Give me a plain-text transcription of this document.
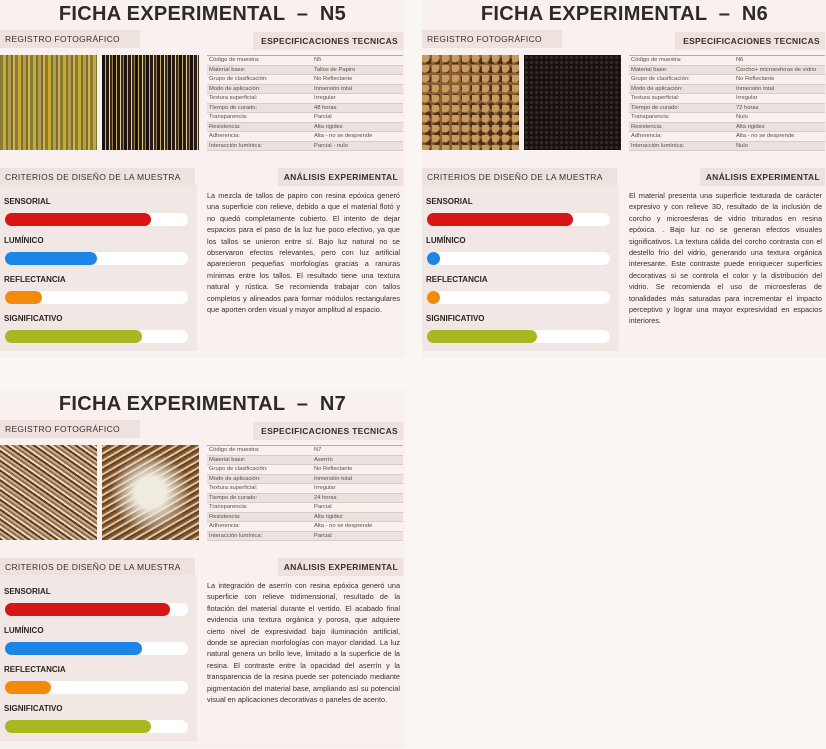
FICHA EXPERIMENTAL  –  N5
REGISTRO FOTOGRÁFICO	ESPECIFICACIONES TECNICAS
Código de muestra:	N5
Material base:	Tallos de Papiro
Grupo de clasificación:	No Reflectante
Modo de aplicación:	Inmersión total
Textura superficial:	Irregular
Tiempo de curado:	48 horas
Transparencia:	Parcial
Resistencia:	Alta rigidez
Adherencia:	Alta - no se desprende
Interacción lumínica:	Parcial - nulo
CRITERIOS DE DISEÑO DE LA MUESTRA	ANÁLISIS EXPERIMENTAL
SENSORIAL
LUMÍNICO
REFLECTANCIA
SIGNIFICATIVO
La mezcla de tallos de papiro con resina epóxica generó una superficie con relieve, debido a que el material flotó y no quedó completamente cubierto. El intento de dejar espacios para el paso de la luz fue poco efectivo, ya que los tallos se unieron entre sí. Bajo luz natural no se observaron efectos relevantes, pero con luz artificial aparecieron pequeñas morfologías gracias a ranuras mínimas entre los tallos. El resultado tiene una textura natural y rústica. Se recomienda trabajar con tallos completos y alineados para formar módulos rectangulares que aporten orden visual y mayor amplitud al espacio.
FICHA EXPERIMENTAL  –  N6
REGISTRO FOTOGRÁFICO	ESPECIFICACIONES TECNICAS
Código de muestra:	N6
Material base:	Corcho+ microesferas de vidrio
Grupo de clasificación:	No Reflectante
Modo de aplicación:	Inmersión total
Textura superficial:	Irregular
Tiempo de curado:	72 horas
Transparencia:	Nulo
Resistencia:	Alta rigidez
Adherencia:	Alta - no se desprende
Interacción lumínica:	Nulo
CRITERIOS DE DISEÑO DE LA MUESTRA	ANÁLISIS EXPERIMENTAL
SENSORIAL
LUMÍNICO
REFLECTANCIA
SIGNIFICATIVO
El material presenta una superficie texturada de carácter expresivo y con relieve 3D, resultado de la inclusión de corcho y microesferas de vidrio triturados en resina epóxica. . Bajo luz no se generan efectos visuales significativos. La textura cálida del corcho contrasta con el destello frío del vidrio, generando una textura orgánica interesante. Este contraste puede enriquecer superficies decorativas si se controla el color y la distribución del vidrio. Se recomienda el uso de microesferas de tonalidades más saturadas para incrementar el impacto perceptivo y lograr una mayor expresividad en espacios interiores.
FICHA EXPERIMENTAL  –  N7
REGISTRO FOTOGRÁFICO	ESPECIFICACIONES TECNICAS
Código de muestra:	N7
Material base:	Aserrín
Grupo de clasificación:	No Reflectante
Modo de aplicación:	Inmersión total
Textura superficial:	Irregular
Tiempo de curado:	24 horas
Transparencia:	Parcial
Resistencia:	Alta rigidez
Adherencia:	Alta - no se desprende
Interacción lumínica:	Parcial
CRITERIOS DE DISEÑO DE LA MUESTRA	ANÁLISIS EXPERIMENTAL
SENSORIAL
LUMÍNICO
REFLECTANCIA
SIGNIFICATIVO
La integración de aserrín con resina epóxica generó una superficie con relieve tridimensional, resultado de la flotación del material durante el vertido. El acabado final evidencia una textura orgánica y porosa, que adquiere cierto nivel de expresividad bajo iluminación artificial, donde se aprecian morfologías con mayor claridad. La luz natural genera un brillo leve, limitado a la superficie de la resina. El contraste entre la opacidad del aserrín y la transparencia de la resina puede ser potenciado mediante pigmentación del material base, ampliando así su potencial visual en aplicaciones decorativas o paneles de acento.
